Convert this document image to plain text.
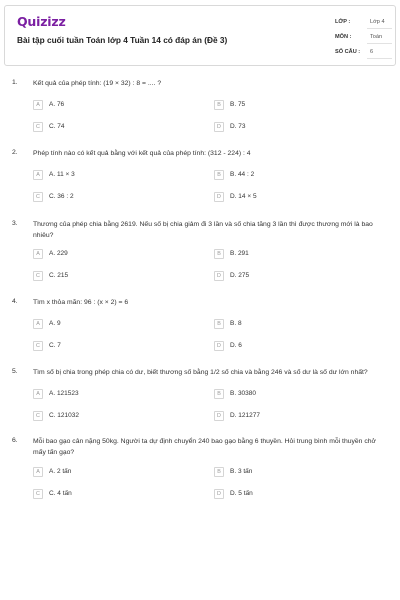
Quizizz
Bài tập cuối tuần Toán lớp 4 Tuần 14 có đáp án (Đề 3)
LỚP :	Lớp 4
MÔN :	Toán
SỐ CÂU : 6
1. Kết quả của phép tính: (19 × 32) : 8 = .... ?
A	A. 76	B	B. 75
C	C. 74	D	D. 73
2. Phép tính nào có kết quả bằng với kết quả của phép tính: (312 - 224) : 4
A	A. 11 × 3	B	B. 44 : 2
C	C. 36 : 2	D	D. 14 × 5
3. Thương của phép chia bằng 2619. Nếu số bị chia giảm đi 3 lần và số chia tăng 3 lần thì được thương mới là bao nhiêu?
A	A. 229	B	B. 291
C	C. 215	D	D. 275
4. Tìm x thỏa mãn: 96 : (x × 2) = 6
A	A. 9	B	B. 8
C	C. 7	D	D. 6
5. Tìm số bị chia trong phép chia có dư, biết thương số bằng 1/2 số chia và bằng 246 và số dư là số dư lớn nhất?
A	A. 121523	B	B. 30380
C	C. 121032	D	D. 121277
6. Mỗi bao gạo cân nặng 50kg. Người ta dự định chuyển 240 bao gạo bằng 6 thuyền. Hỏi trung bình mỗi thuyền chở mấy tấn gạo?
A	A. 2 tấn	B	B. 3 tấn
C	C. 4 tấn	D	D. 5 tấn
